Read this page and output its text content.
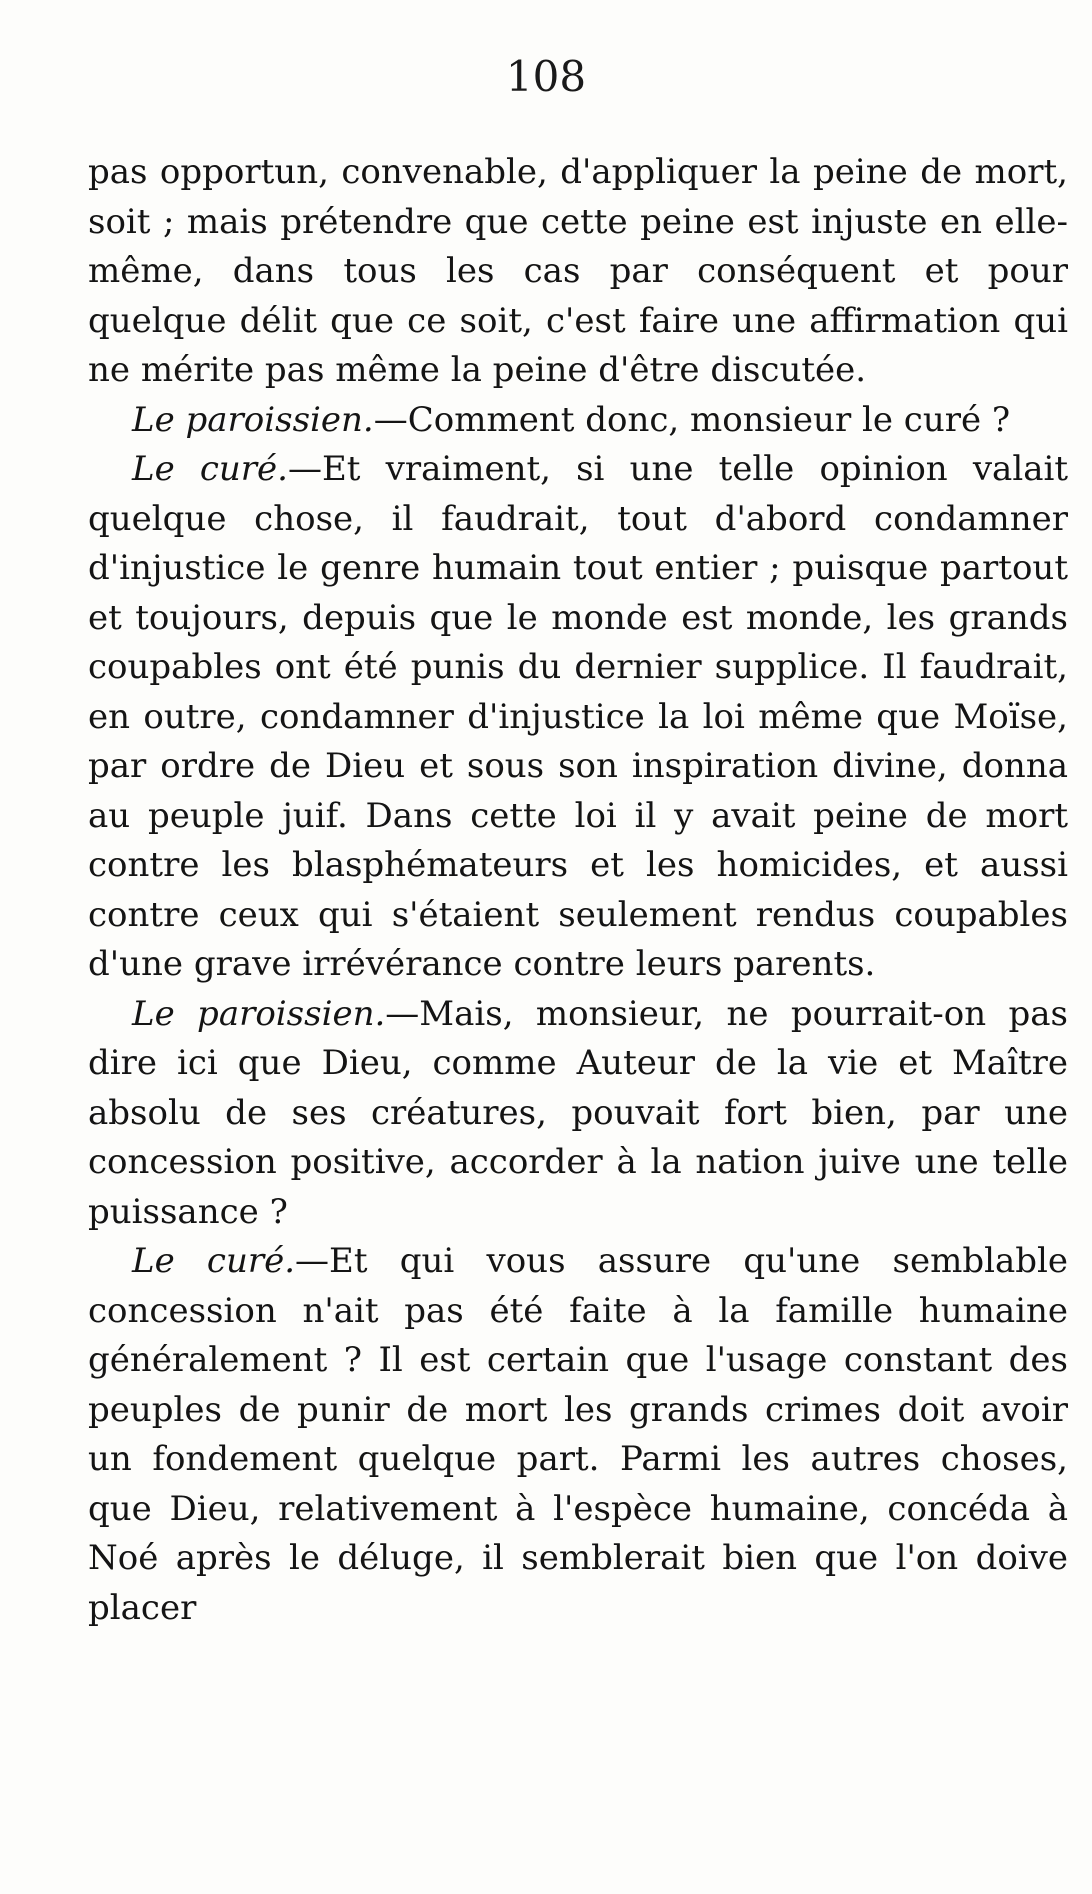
108

pas opportun, convenable, d'appliquer la peine de mort, soit ; mais prétendre que cette peine est injuste en elle-même, dans tous les cas par conséquent et pour quelque délit que ce soit, c'est faire une affirmation qui ne mérite pas même la peine d'être discutée.

Le paroissien.—Comment donc, monsieur le curé ?

Le curé.—Et vraiment, si une telle opinion valait quelque chose, il faudrait, tout d'abord condamner d'injustice le genre humain tout entier ; puisque partout et toujours, depuis que le monde est monde, les grands coupables ont été punis du dernier supplice. Il faudrait, en outre, condamner d'injustice la loi même que Moïse, par ordre de Dieu et sous son inspiration divine, donna au peuple juif. Dans cette loi il y avait peine de mort contre les blasphémateurs et les homicides, et aussi contre ceux qui s'étaient seulement rendus coupables d'une grave irrévérance contre leurs parents.

Le paroissien.—Mais, monsieur, ne pourrait-on pas dire ici que Dieu, comme Auteur de la vie et Maître absolu de ses créatures, pouvait fort bien, par une concession positive, accorder à la nation juive une telle puissance ?

Le curé.—Et qui vous assure qu'une semblable concession n'ait pas été faite à la famille humaine généralement ? Il est certain que l'usage constant des peuples de punir de mort les grands crimes doit avoir un fondement quelque part. Parmi les autres choses, que Dieu, relativement à l'espèce humaine, concéda à Noé après le déluge, il semblerait bien que l'on doive placer
